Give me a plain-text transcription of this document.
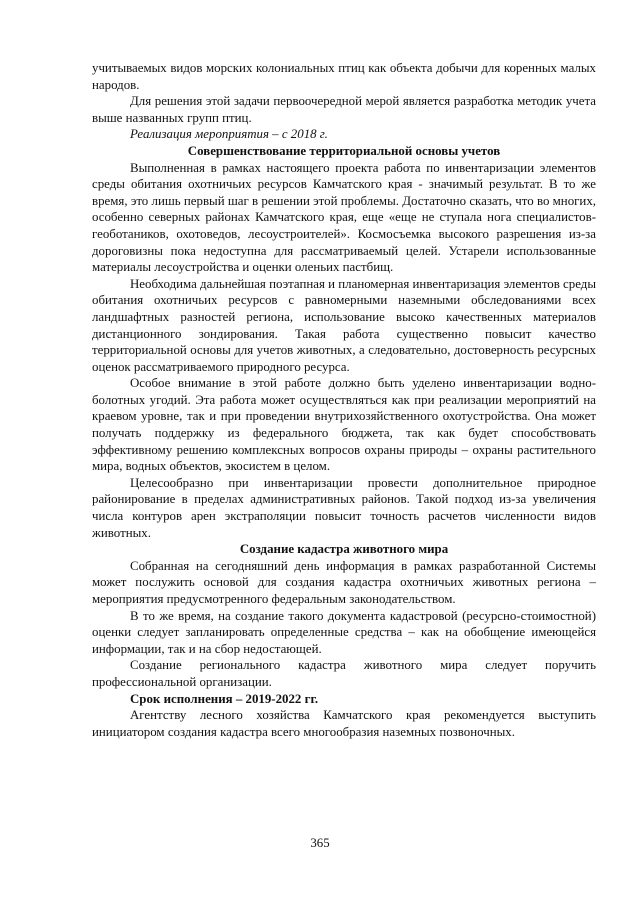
учитываемых видов морских колониальных птиц как объекта добычи для коренных малых народов.

Для решения этой задачи первоочередной мерой является разработка методик учета выше названных групп птиц.

Реализация мероприятия – с 2018 г.

Совершенствование территориальной основы учетов

Выполненная в рамках настоящего проекта работа по инвентаризации элементов среды обитания охотничьих ресурсов Камчатского края - значимый результат. В то же время, это лишь первый шаг в решении этой проблемы. Достаточно сказать, что во многих, особенно северных районах Камчатского края, еще «еще не ступала нога специалистов-геоботаников, охотоведов, лесоустроителей». Космосъемка высокого разрешения из-за дороговизны пока недоступна для рассматриваемый целей. Устарели использованные материалы лесоустройства и оценки оленьих пастбищ.

Необходима дальнейшая поэтапная и планомерная инвентаризация элементов среды обитания охотничьих ресурсов с равномерными наземными обследованиями всех ландшафтных разностей региона, использование высоко качественных материалов дистанционного зондирования. Такая работа существенно повысит качество территориальной основы для учетов животных, а следовательно, достоверность ресурсных оценок рассматриваемого природного ресурса.

Особое внимание в этой работе должно быть уделено инвентаризации водно-болотных угодий. Эта работа может осуществляться как при реализации мероприятий на краевом уровне, так и при проведении внутрихозяйственного охотустройства. Она может получать поддержку из федерального бюджета, так как будет способствовать эффективному решению комплексных вопросов охраны природы – охраны растительного мира, водных объектов, экосистем в целом.

Целесообразно при инвентаризации провести дополнительное природное районирование в пределах административных районов. Такой подход из-за увеличения числа контуров арен экстраполяции повысит точность расчетов численности видов животных.

Создание кадастра животного мира

Собранная на сегодняшний день информация в рамках разработанной Системы может послужить основой для создания кадастра охотничьих животных региона – мероприятия предусмотренного федеральным законодательством.

В то же время, на создание такого документа кадастровой (ресурсно-стоимостной) оценки следует запланировать определенные средства – как на обобщение имеющейся информации, так и на сбор недостающей.

Создание регионального кадастра животного мира следует поручить профессиональной организации.

Срок исполнения – 2019-2022 гг.

Агентству лесного хозяйства Камчатского края рекомендуется выступить инициатором создания кадастра всего многообразия наземных позвоночных.

365
